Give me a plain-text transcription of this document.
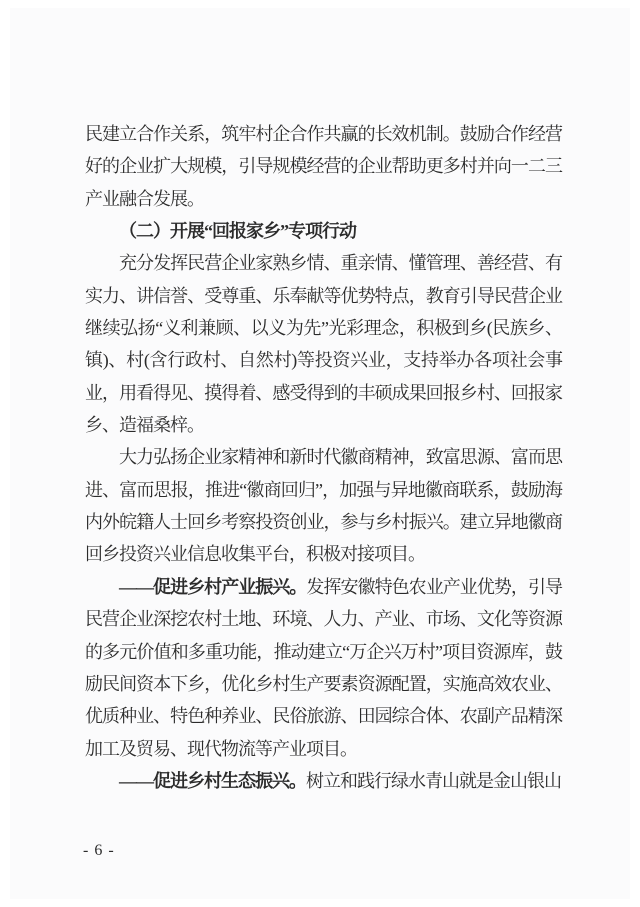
民建立合作关系，筑牢村企合作共赢的长效机制。鼓励合作经营好的企业扩大规模，引导规模经营的企业帮助更多村并向一二三产业融合发展。

（二）开展“回报家乡”专项行动

充分发挥民营企业家熟乡情、重亲情、懂管理、善经营、有实力、讲信誉、受尊重、乐奉献等优势特点，教育引导民营企业继续弘扬“义利兼顾、以义为先”光彩理念，积极到乡(民族乡、镇)、村(含行政村、自然村)等投资兴业，支持举办各项社会事业，用看得见、摸得着、感受得到的丰硕成果回报乡村、回报家乡、造福桑梓。

大力弘扬企业家精神和新时代徽商精神，致富思源、富而思进、富而思报，推进“徽商回归”，加强与异地徽商联系，鼓励海内外皖籍人士回乡考察投资创业，参与乡村振兴。建立异地徽商回乡投资兴业信息收集平台，积极对接项目。

——促进乡村产业振兴。发挥安徽特色农业产业优势，引导民营企业深挖农村土地、环境、人力、产业、市场、文化等资源的多元价值和多重功能，推动建立“万企兴万村”项目资源库，鼓励民间资本下乡，优化乡村生产要素资源配置，实施高效农业、优质种业、特色种养业、民俗旅游、田园综合体、农副产品精深加工及贸易、现代物流等产业项目。

——促进乡村生态振兴。树立和践行绿水青山就是金山银山

- 6 -
